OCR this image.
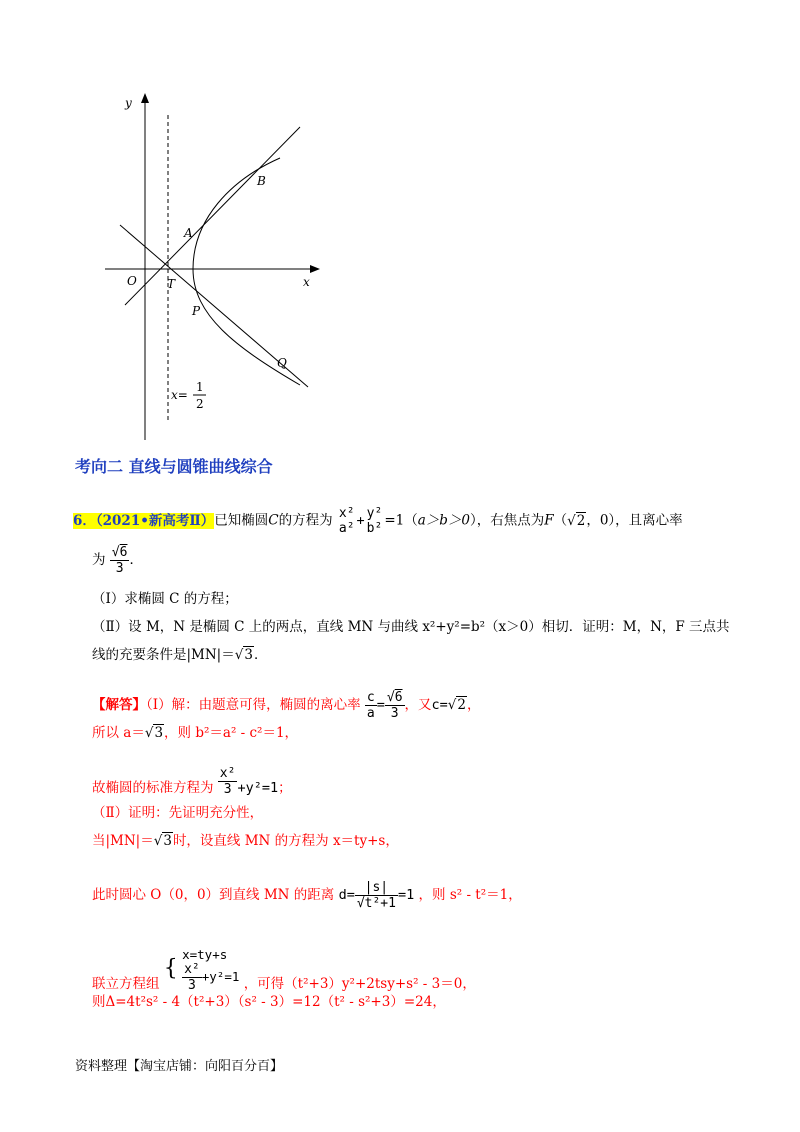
y
x
O
A
B
T
P
Q
x=
1
2
考向二 直线与圆锥曲线综合
6．（2021•新高考Ⅱ）已知椭圆C的方程为 x²
a² + y²
b² =1（a＞b＞0），右焦点为F（√2，0），且离心率
为 $\frac{√6}{3}$ ．
（Ⅰ）求椭圆 C 的方程；
（Ⅱ）设 M，N 是椭圆 C 上的两点，直线 MN 与曲线 x²+y²=b²（x＞0）相切．证明：M，N，F 三点共
线的充要条件是|MN|＝√3．
【解答】（Ⅰ）解：由题意可得，椭圆的离心率 $\frac{c}{a} = \frac{√6}{3}$ ，又c=√2，
所以 a＝√3，则 b²＝a² - c²＝1，
故椭圆的标准方程为 $\frac{\text{x²}}{3} +y^2=1$；
（Ⅱ）证明：先证明充分性，
当|MN|＝√3时，设直线 MN 的方程为 x＝ty+s，
此时圆心 O（0，0）到直线 MN 的距离 $d= \frac{|s|}{\text{√t²+1}} =1$ ，则 s² - t²＝1，
联立方程组 {
x=ty+s
$\frac{\text{x²}}{3} +y^2=1$ ，可得（t²+3）y²+2tsy+s² - 3＝0，
则Δ=4t²s² - 4（t²+3）（s² - 3）=12（t² - s²+3）=24，
资料整理【淘宝店铺：向阳百分百】
